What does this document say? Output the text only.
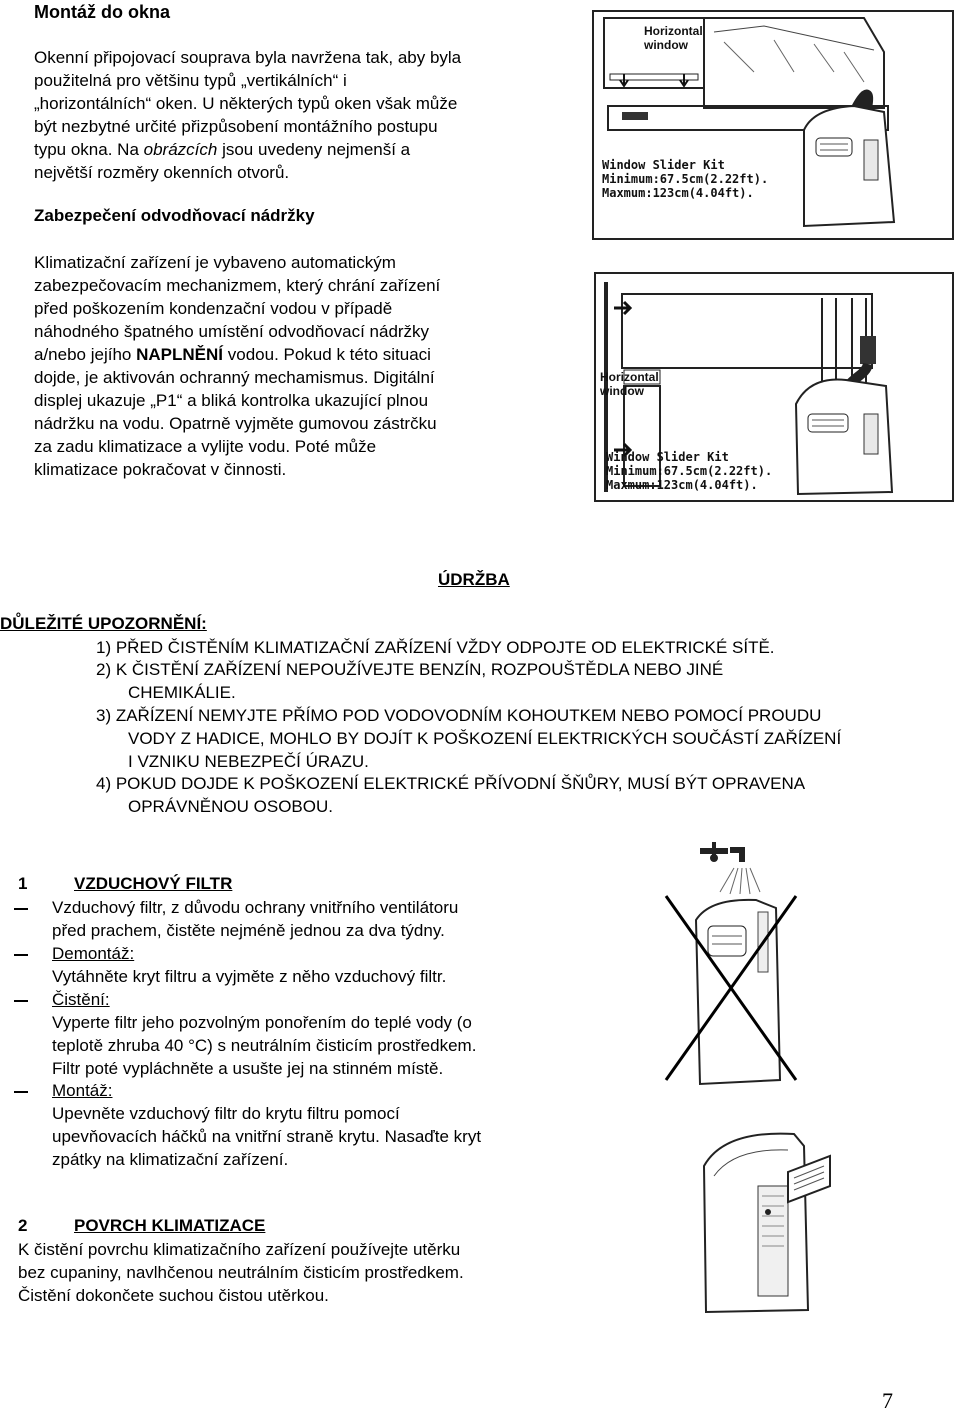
Montáž do okna
Okenní připojovací souprava byla navržena tak, aby byla
použitelná pro většinu typů „vertikálních“ i
„horizontálních“ oken. U některých typů oken však může
být nezbytné určité přizpůsobení montážního postupu
typu okna. Na obrázcích jsou uvedeny nejmenší a
největší rozměry okenních otvorů.
Zabezpečení odvodňovací nádržky
Klimatizační zařízení je vybaveno automatickým
zabezpečovacím mechanizmem, který chrání zařízení
před poškozením kondenzační vodou v případě
náhodného špatného umístění odvodňovací nádržky
a/nebo jejího NAPLNĚNÍ vodou. Pokud k této situaci
dojde, je aktivován ochranný mechamismus. Digitální
displej ukazuje „P1“ a bliká kontrolka ukazující plnou
nádržku na vodu. Opatrně vyjměte gumovou zástrčku
za zadu klimatizace a vylijte vodu. Poté může
klimatizace pokračovat v činnosti.
Horizontal
window
Window Slider Kit
Minimum:67.5cm(2.22ft).
Maxmum:123cm(4.04ft).
Horizontal
window
Window Slider Kit
Minimum:67.5cm(2.22ft).
Maxmum:123cm(4.04ft).
ÚDRŽBA
DŮLEŽITÉ UPOZORNĚNÍ:
1) PŘED ČISTĚNÍM KLIMATIZAČNÍ ZAŘÍZENÍ VŽDY ODPOJTE OD ELEKTRICKÉ SÍTĚ.
2) K ČISTĚNÍ ZAŘÍZENÍ NEPOUŽÍVEJTE BENZÍN, ROZPOUŠTĚDLA NEBO JINÉ
CHEMIKÁLIE.
3) ZAŘÍZENÍ NEMYJTE PŘÍMO POD VODOVODNÍM KOHOUTKEM NEBO POMOCÍ PROUDU
VODY Z HADICE, MOHLO BY DOJÍT K POŠKOZENÍ ELEKTRICKÝCH SOUČÁSTÍ ZAŘÍZENÍ
I VZNIKU NEBEZPEČÍ ÚRAZU.
4) POKUD DOJDE K POŠKOZENÍ ELEKTRICKÉ PŘÍVODNÍ ŠŇŮRY, MUSÍ BÝT OPRAVENA
OPRÁVNĚNOU OSOBOU.
1	VZDUCHOVÝ FILTR
Vzduchový filtr, z důvodu ochrany vnitřního ventilátoru
před prachem, čistěte nejméně jednou za dva týdny.
Demontáž:
Vytáhněte kryt filtru a vyjměte z něho vzduchový filtr.
Čistění:
Vyperte filtr jeho pozvolným ponořením do teplé vody (o
teplotě zhruba 40 °C) s neutrálním čisticím prostředkem.
Filtr poté vypláchněte a usušte jej na stinném místě.
Montáž:
Upevněte vzduchový filtr do krytu filtru pomocí
upevňovacích háčků na vnitřní straně krytu. Nasaďte kryt
zpátky na klimatizační zařízení.
2	POVRCH KLIMATIZACE
K čistění povrchu klimatizačního zařízení používejte utěrku
bez cupaniny, navlhčenou neutrálním čisticím prostředkem.
Čistění dokončete suchou čistou utěrkou.
7
